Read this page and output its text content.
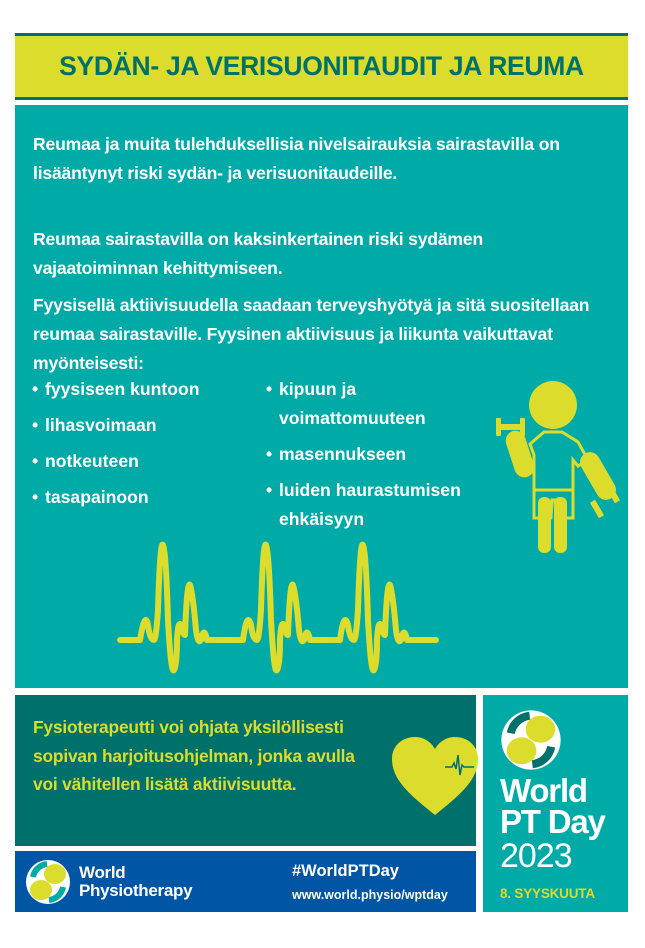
SYDÄN- JA VERISUONITAUDIT JA REUMA

Reumaa ja muita tulehduksellisia nivelsairauksia sairastavilla on lisääntynyt riski sydän- ja verisuonitaudeille.

Reumaa sairastavilla on kaksinkertainen riski sydämen vajaatoiminnan kehittymiseen.

Fyysisellä aktiivisuudella saadaan terveyshyötyä ja sitä suositellaan reumaa sairastaville. Fyysinen aktiivisuus ja liikunta vaikuttavat myönteisesti:

• fyysiseen kuntoon
• lihasvoimaan
• notkeuteen
• tasapainoon
• kipuun ja voimattomuuteen
• masennukseen
• luiden haurastumisen ehkäisyyn

Fysioterapeutti voi ohjata yksilöllisesti sopivan harjoitusohjelman, jonka avulla voi vähitellen lisätä aktiivisuutta.

World
Physiotherapy
#WorldPTDay
www.world.physio/wptday
World
PT Day
2023
8. SYYSKUUTA
